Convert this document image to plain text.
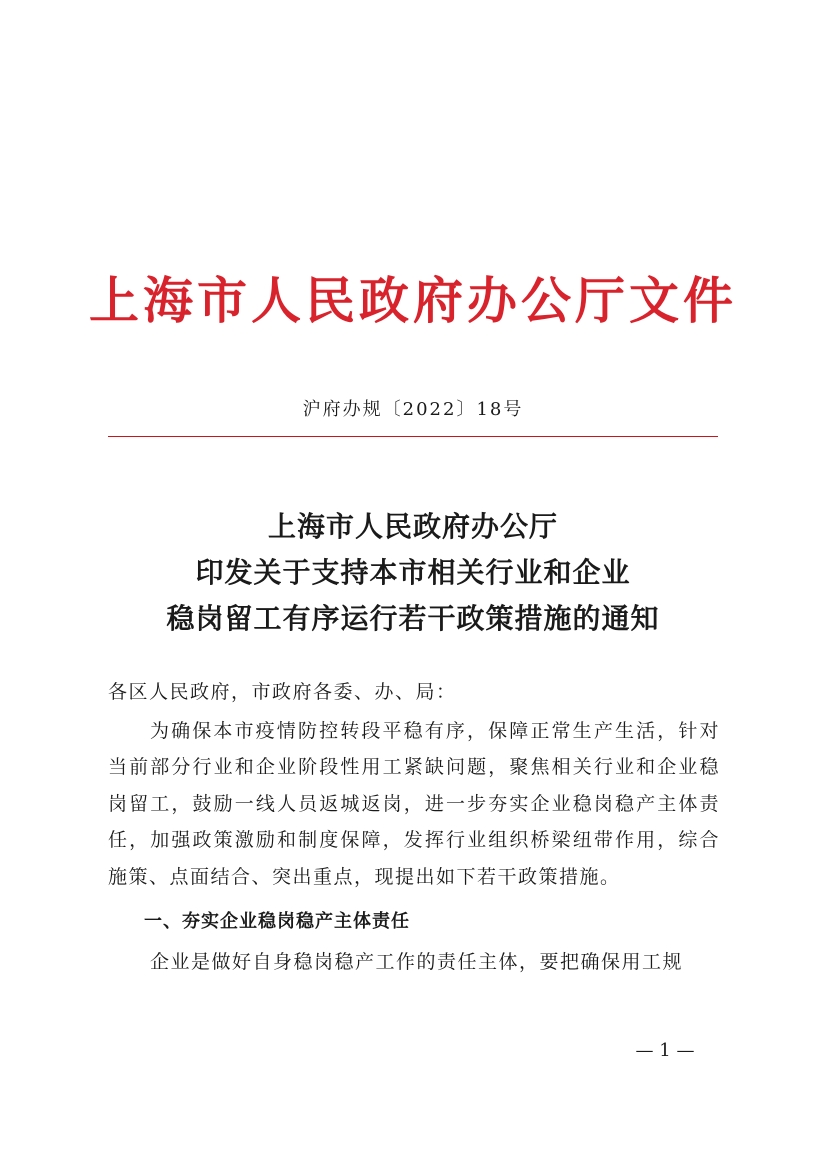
上海市人民政府办公厅文件
沪府办规〔2022〕18号
上海市人民政府办公厅
印发关于支持本市相关行业和企业
稳岗留工有序运行若干政策措施的通知

各区人民政府，市政府各委、办、局：

为确保本市疫情防控转段平稳有序，保障正常生产生活，针对当前部分行业和企业阶段性用工紧缺问题，聚焦相关行业和企业稳岗留工，鼓励一线人员返城返岗，进一步夯实企业稳岗稳产主体责任，加强政策激励和制度保障，发挥行业组织桥梁纽带作用，综合施策、点面结合、突出重点，现提出如下若干政策措施。

一、夯实企业稳岗稳产主体责任

企业是做好自身稳岗稳产工作的责任主体，要把确保用工规

— 1 —
